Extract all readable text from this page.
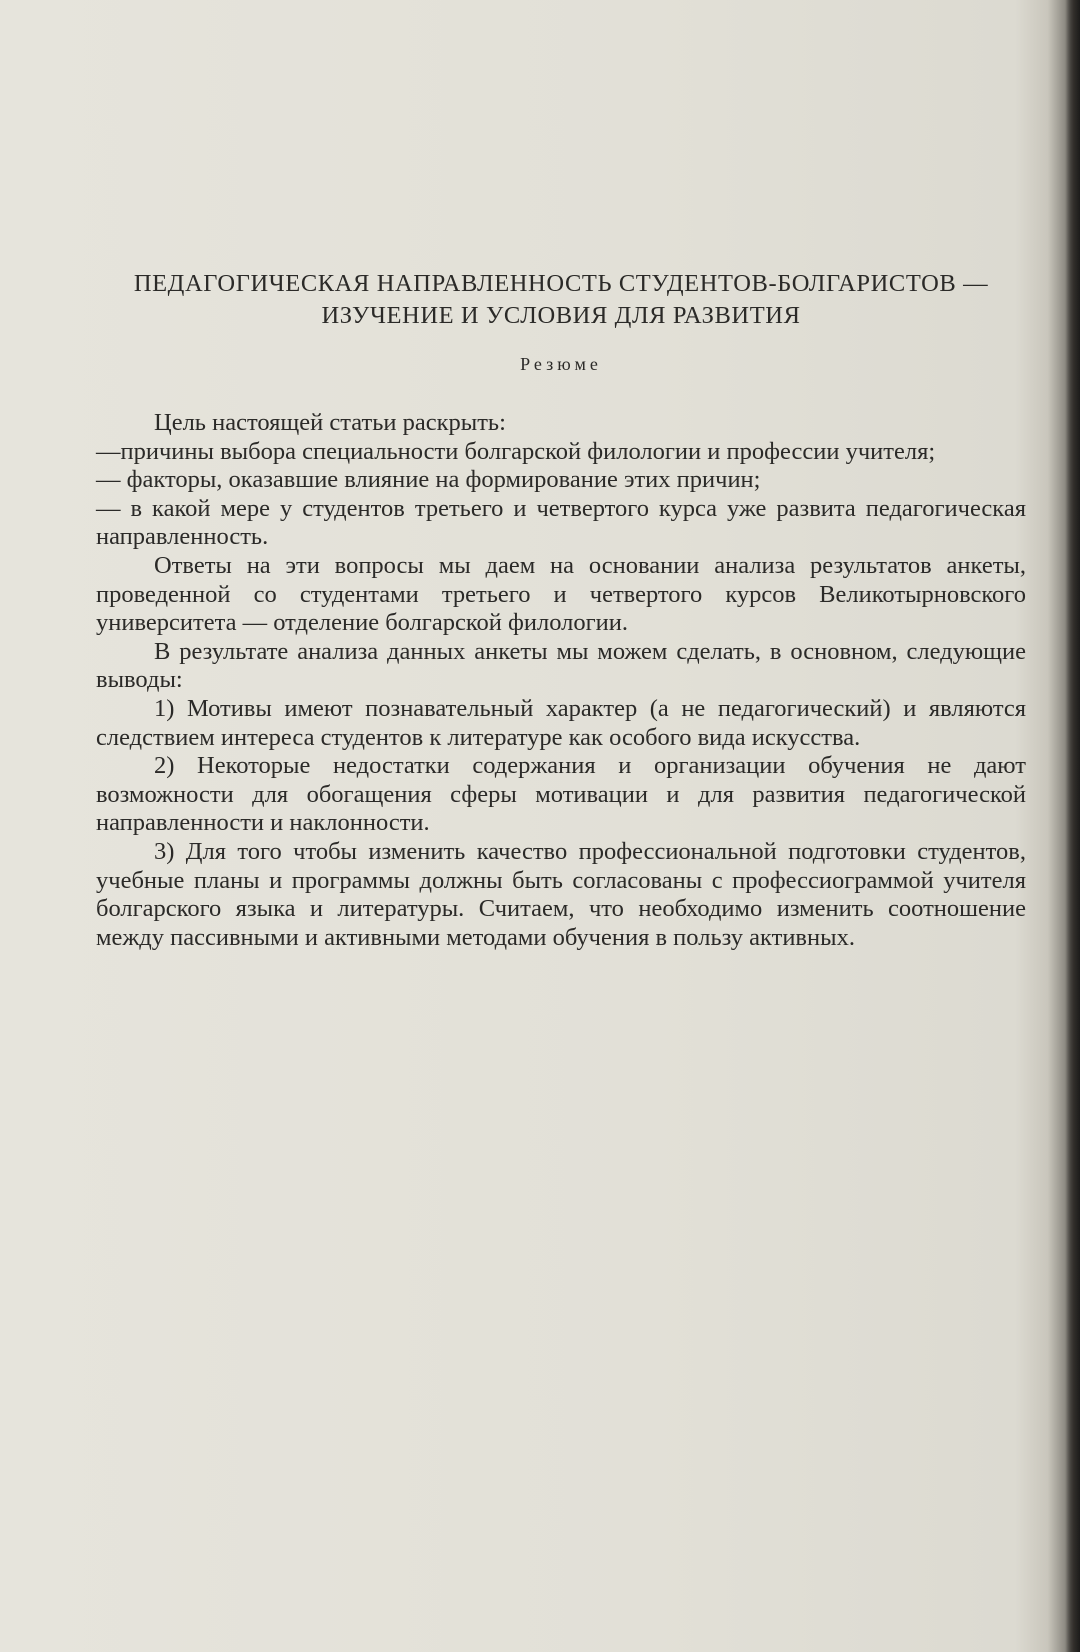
ПЕДАГОГИЧЕСКАЯ НАПРАВЛЕННОСТЬ СТУДЕНТОВ-БОЛГАРИСТОВ —
ИЗУЧЕНИЕ И УСЛОВИЯ ДЛЯ РАЗВИТИЯ
Резюме

Цель настоящей статьи раскрыть:

—причины выбора специальности болгарской филологии и профессии учителя;

— факторы, оказавшие влияние на формирование этих причин;

— в какой мере у студентов третьего и четвертого курса уже развита педагогическая направленность.

Ответы на эти вопросы мы даем на основании анализа результатов анкеты, проведенной со студентами третьего и четвертого курсов Великотырновского университета — отделение болгарской филологии.

В результате анализа данных анкеты мы можем сделать, в основном, следующие выводы:

1) Мотивы имеют познавательный характер (а не педагогический) и являются следствием интереса студентов к литературе как особого вида искусства.

2) Некоторые недостатки содержания и организации обучения не дают возможности для обогащения сферы мотивации и для развития педагогической направленности и наклонности.

3) Для того чтобы изменить качество профессиональной подготовки студентов, учебные планы и программы должны быть согласованы с профессиограммой учителя болгарского языка и литературы. Считаем, что необходимо изменить соотношение между пассивными и активными методами обучения в пользу активных.
